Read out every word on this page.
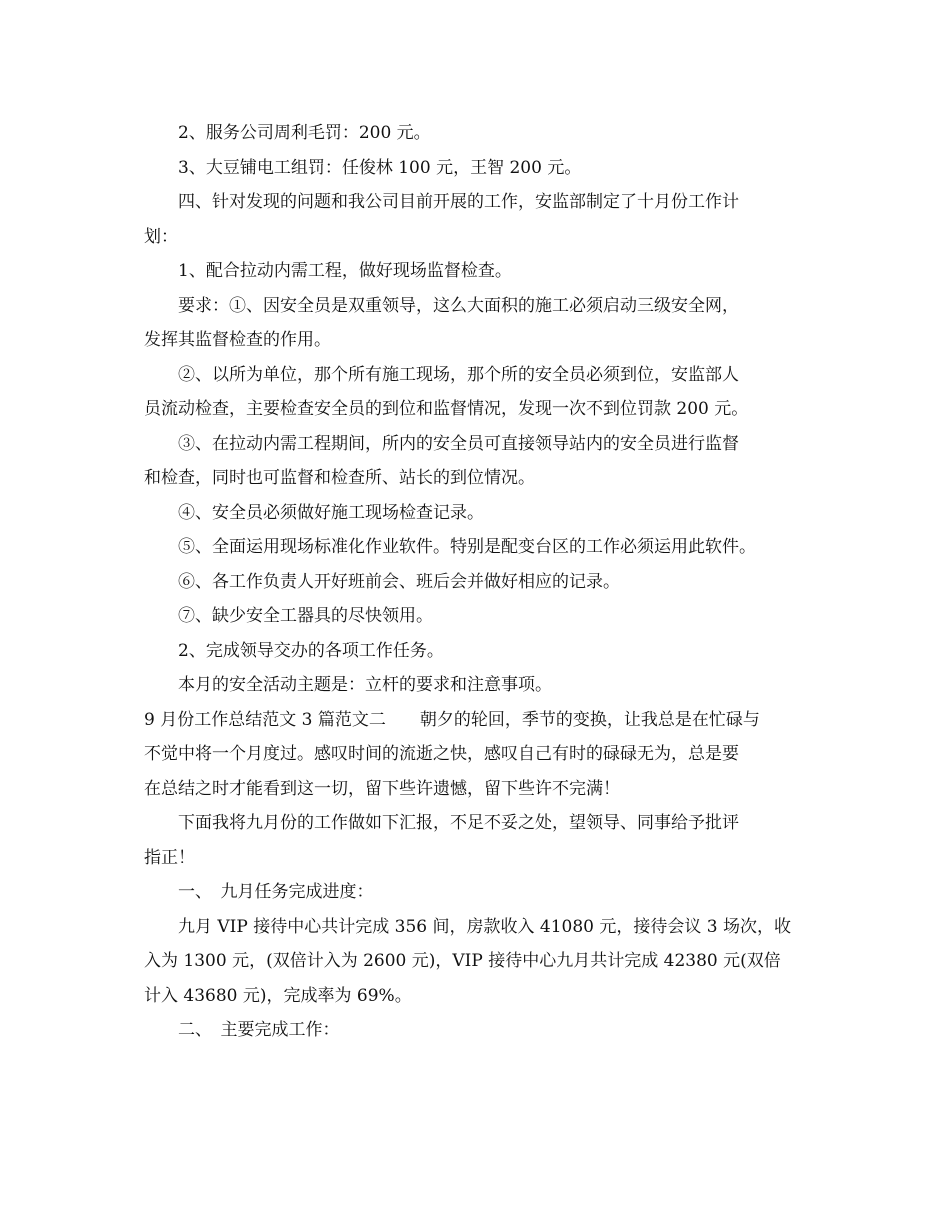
2、服务公司周利毛罚：200 元。
3、大豆铺电工组罚：任俊林 100 元，王智 200 元。
四、针对发现的问题和我公司目前开展的工作，安监部制定了十月份工作计
划：
1、配合拉动内需工程，做好现场监督检查。
要求：①、因安全员是双重领导，这么大面积的施工必须启动三级安全网，
发挥其监督检查的作用。
②、以所为单位，那个所有施工现场，那个所的安全员必须到位，安监部人
员流动检查，主要检查安全员的到位和监督情况，发现一次不到位罚款 200 元。
③、在拉动内需工程期间，所内的安全员可直接领导站内的安全员进行监督
和检查，同时也可监督和检查所、站长的到位情况。
④、安全员必须做好施工现场检查记录。
⑤、全面运用现场标准化作业软件。特别是配变台区的工作必须运用此软件。
⑥、各工作负责人开好班前会、班后会并做好相应的记录。
⑦、缺少安全工器具的尽快领用。
2、完成领导交办的各项工作任务。
本月的安全活动主题是：立杆的要求和注意事项。
9 月份工作总结范文 3 篇范文二　　朝夕的轮回，季节的变换，让我总是在忙碌与
不觉中将一个月度过。感叹时间的流逝之快，感叹自己有时的碌碌无为，总是要
在总结之时才能看到这一切，留下些许遗憾，留下些许不完满！
下面我将九月份的工作做如下汇报，不足不妥之处，望领导、同事给予批评
指正！
一、　九月任务完成进度：
九月 VIP 接待中心共计完成 356 间，房款收入 41080 元，接待会议 3 场次，收
入为 1300 元，(双倍计入为 2600 元)，VIP 接待中心九月共计完成 42380 元(双倍
计入 43680 元)，完成率为 69%。
二、　主要完成工作：
